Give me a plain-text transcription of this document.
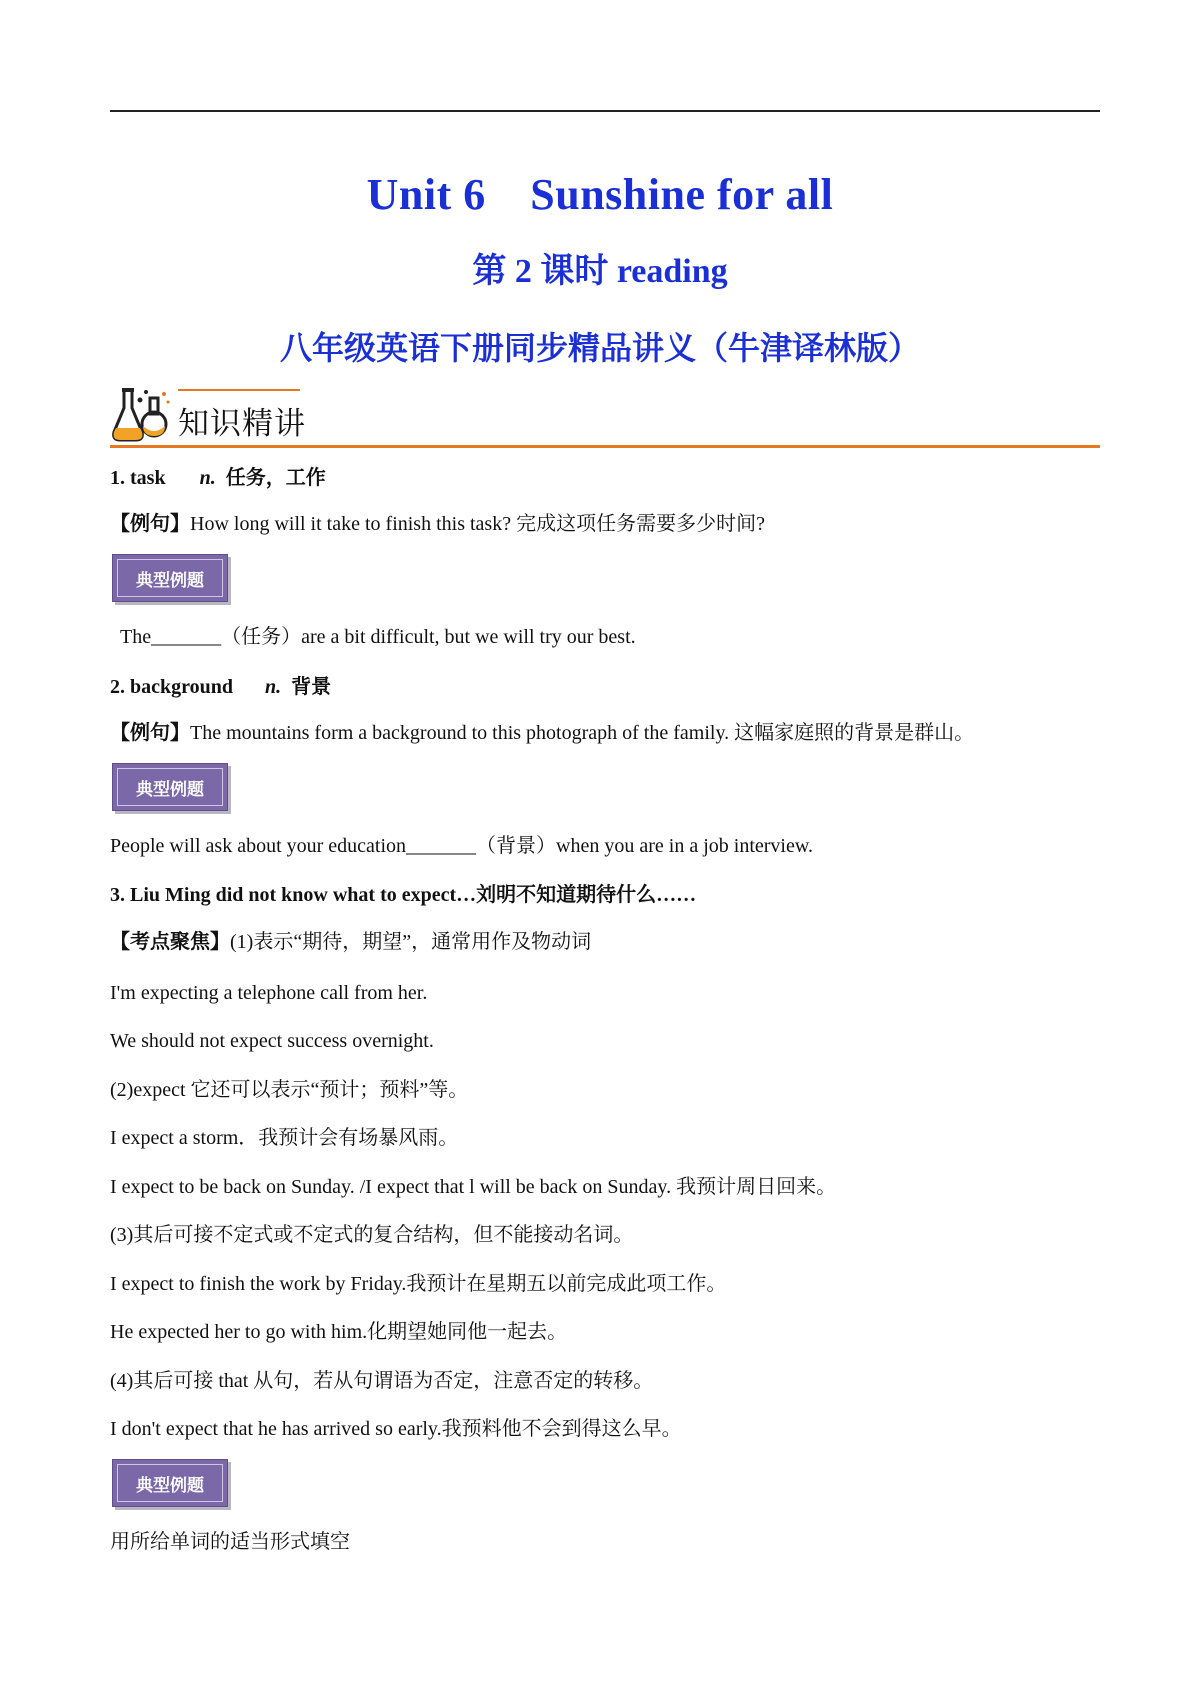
Unit 6　Sunshine for all
第 2 课时 reading
八年级英语下册同步精品讲义（牛津译林版）
知识精讲
1. task n. 任务，工作
【例句】How long will it take to finish this task? 完成这项任务需要多少时间?
典型例题
The_______（任务）are a bit difficult, but we will try our best.
2. background n. 背景
【例句】The mountains form a background to this photograph of the family. 这幅家庭照的背景是群山。
典型例题
People will ask about your education_______（背景）when you are in a job interview.
3. Liu Ming did not know what to expect…刘明不知道期待什么……
【考点聚焦】(1)表示“期待，期望”，通常用作及物动词
I'm expecting a telephone call from her.
We should not expect success overnight.
(2)expect 它还可以表示“预计；预料”等。
I expect a storm．我预计会有场暴风雨。
I expect to be back on Sunday. /I expect that l will be back on Sunday. 我预计周日回来。
(3)其后可接不定式或不定式的复合结构，但不能接动名词。
I expect to finish the work by Friday.我预计在星期五以前完成此项工作。
He expected her to go with him.化期望她同他一起去。
(4)其后可接 that 从句，若从句谓语为否定，注意否定的转移。
I don't expect that he has arrived so early.我预料他不会到得这么早。
典型例题
用所给单词的适当形式填空
